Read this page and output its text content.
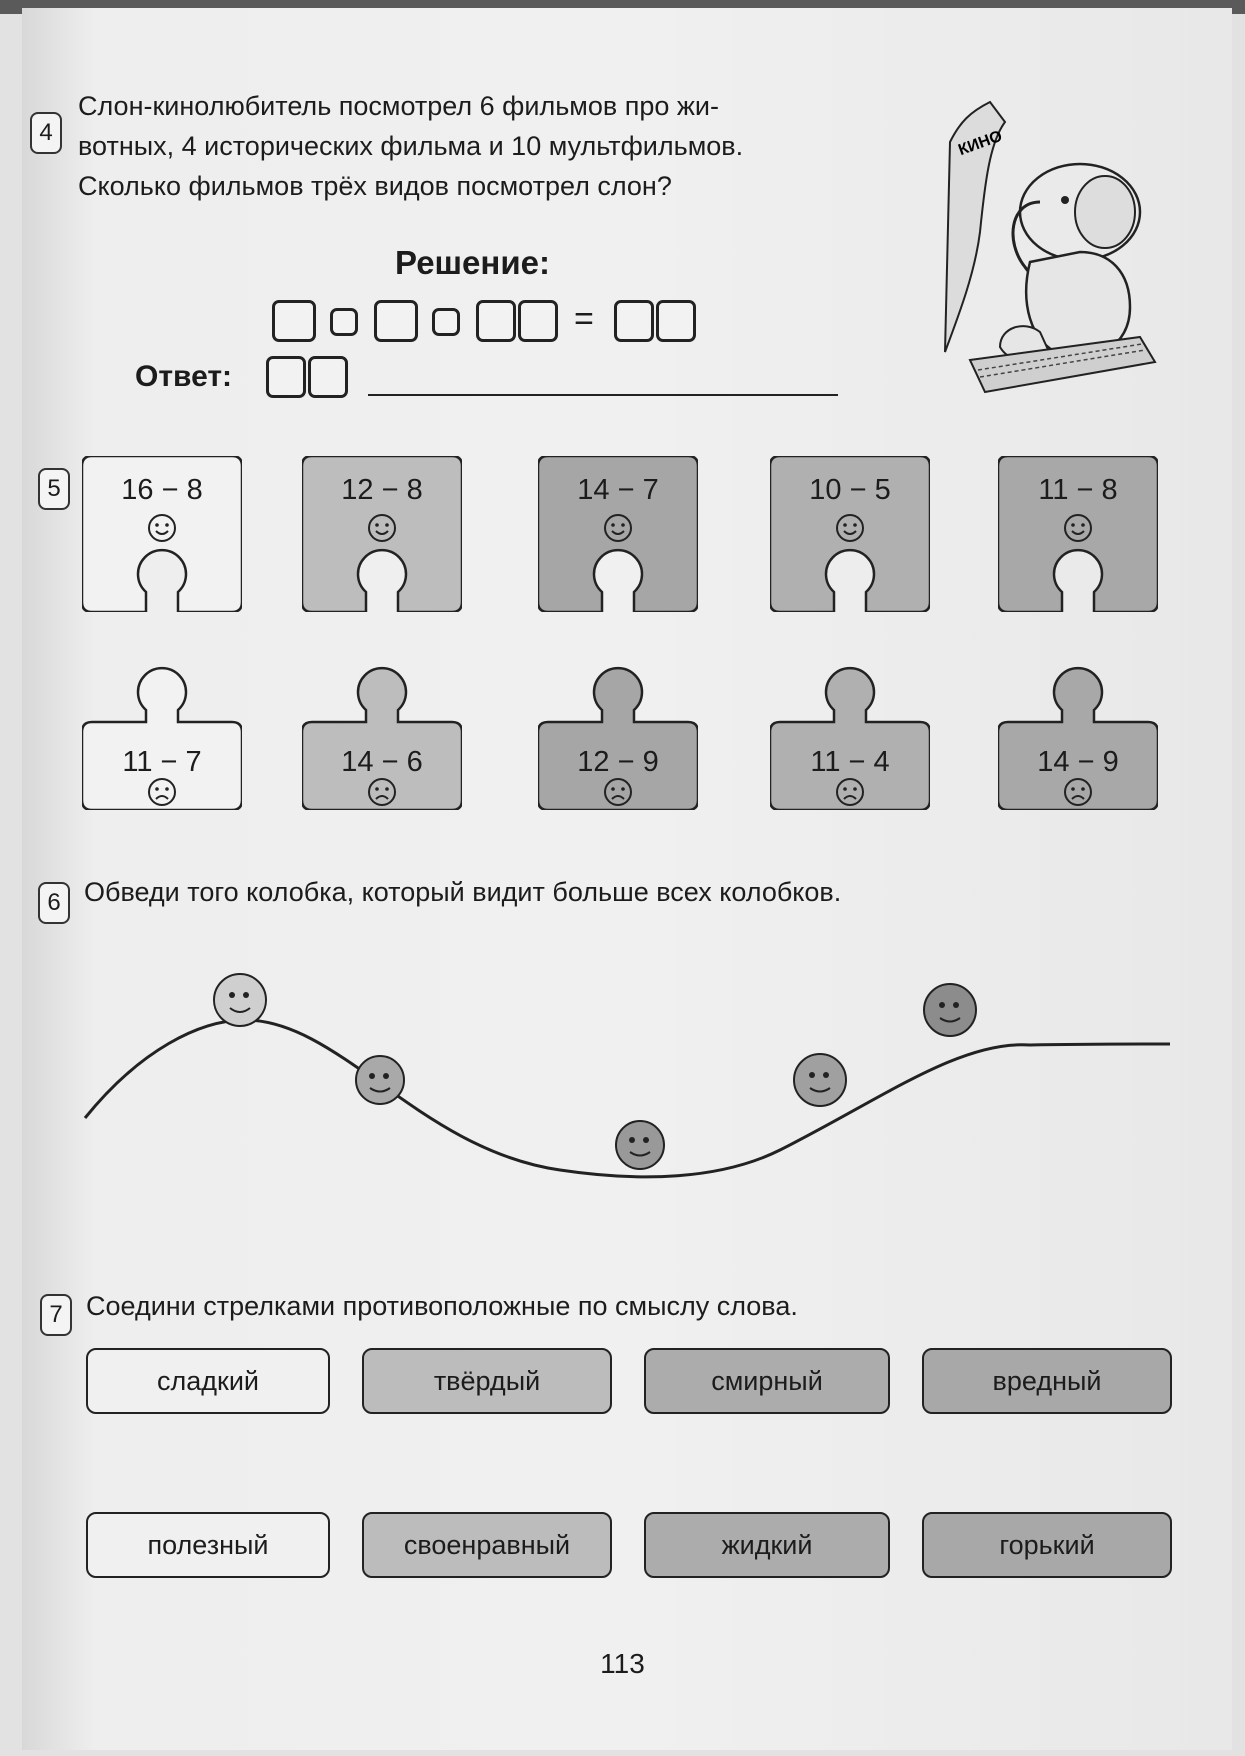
4
Слон-кинолюбитель посмотрел 6 фильмов про жи-
вотных, 4 исторических фильма и 10 мультфильмов.
Сколько фильмов трёх видов посмотрел слон?
Решение:
=
Ответ:
КИНО
5	16 − 8
11 − 7
12 − 8
14 − 6
14 − 7
12 − 9
10 − 5
11 − 4
11 − 8
14 − 9
6 Обведи того колобка, который видит больше всех колобков.
7 Соедини стрелками противоположные по смыслу слова.
сладкий	твёрдый	смирный	вредный
полезный	своенравный	жидкий	горький
113
